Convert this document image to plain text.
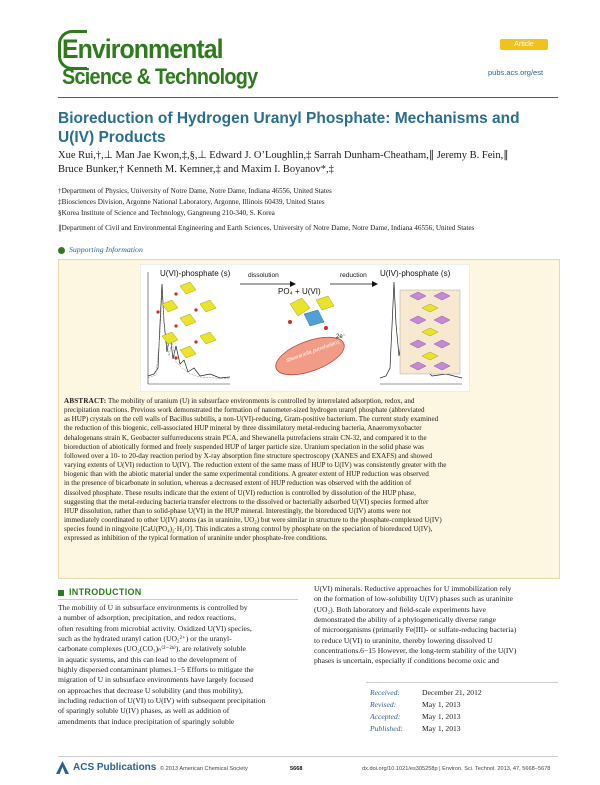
Environmental
Science & Technology
Article
pubs.acs.org/est
Bioreduction of Hydrogen Uranyl Phosphate: Mechanisms and U(IV) Products
Xue Rui,†,⊥ Man Jae Kwon,‡,§,⊥ Edward J. O’Loughlin,‡ Sarrah Dunham-Cheatham,∥ Jeremy B. Fein,∥
Bruce Bunker,† Kenneth M. Kemner,‡ and Maxim I. Boyanov*,‡
†Department of Physics, University of Notre Dame, Notre Dame, Indiana 46556, United States
‡Biosciences Division, Argonne National Laboratory, Argonne, Illinois 60439, United States
§Korea Institute of Science and Technology, Gangneung 210-340, S. Korea
∥Department of Civil and Environmental Engineering and Earth Sciences, University of Notre Dame, Notre Dame, Indiana 46556, United States
Supporting Information
U(VI)-phosphate (s)	dissolution	reduction
PO₄ + U(VI)
Shewanella putrefaciens
2e⁻
U(IV)-phosphate (s)
ABSTRACT: The mobility of uranium (U) in subsurface environments is controlled by interrelated adsorption, redox, and
precipitation reactions. Previous work demonstrated the formation of nanometer-sized hydrogen uranyl phosphate (abbreviated
as HUP) crystals on the cell walls of Bacillus subtilis, a non-U(VI)-reducing, Gram-positive bacterium. The current study examined
the reduction of this biogenic, cell-associated HUP mineral by three dissimilatory metal-reducing bacteria, Anaeromyxobacter
dehalogenans strain K, Geobacter sulfurreducens strain PCA, and Shewanella putrefaciens strain CN-32, and compared it to the
bioreduction of abiotically formed and freely suspended HUP of larger particle size. Uranium speciation in the solid phase was
followed over a 10- to 20-day reaction period by X-ray absorption fine structure spectroscopy (XANES and EXAFS) and showed
varying extents of U(VI) reduction to U(IV). The reduction extent of the same mass of HUP to U(IV) was consistently greater with the
biogenic than with the abiotic material under the same experimental conditions. A greater extent of HUP reduction was observed
in the presence of bicarbonate in solution, whereas a decreased extent of HUP reduction was observed with the addition of
dissolved phosphate. These results indicate that the extent of U(VI) reduction is controlled by dissolution of the HUP phase,
suggesting that the metal-reducing bacteria transfer electrons to the dissolved or bacterially adsorbed U(VI) species formed after
HUP dissolution, rather than to solid-phase U(VI) in the HUP mineral. Interestingly, the bioreduced U(IV) atoms were not
immediately coordinated to other U(IV) atoms (as in uraninite, UO₂) but were similar in structure to the phosphate-complexed U(IV)
species found in ningyoite [CaU(PO₄)₂·H₂O]. This indicates a strong control by phosphate on the speciation of bioreduced U(IV),
expressed as inhibition of the typical formation of uraninite under phosphate-free conditions.
INTRODUCTION
The mobility of U in subsurface environments is controlled by
a number of adsorption, precipitation, and redox reactions,
often resulting from microbial activity. Oxidized U(VI) species,
such as the hydrated uranyl cation (UO₂²⁺) or the uranyl-
carbonate complexes (UO₂(CO₃)ₙ⁽²⁻²ⁿ⁾), are relatively soluble
in aquatic systems, and this can lead to the development of
highly dispersed contaminant plumes.1−5 Efforts to mitigate the
migration of U in subsurface environments have largely focused
on approaches that decrease U solubility (and thus mobility),
including reduction of U(VI) to U(IV) with subsequent precipitation
of sparingly soluble U(IV) phases, as well as addition of
amendments that induce precipitation of sparingly soluble
U(VI) minerals. Reductive approaches for U immobilization rely
on the formation of low-solubility U(IV) phases such as uraninite
(UO₂). Both laboratory and field-scale experiments have
demonstrated the ability of a phylogenetically diverse range
of microorganisms (primarily Fe(III)- or sulfate-reducing bacteria)
to reduce U(VI) to uraninite, thereby lowering dissolved U
concentrations.6−15 However, the long-term stability of the U(IV)
phases is uncertain, especially if conditions become oxic and
Received:	December 21, 2012
Revised:	May 1, 2013
Accepted:	May 1, 2013
Published:	May 1, 2013
ACS Publications © 2013 American Chemical Society	5668	dx.doi.org/10.1021/es305258p | Environ. Sci. Technol. 2013, 47, 5668−5678
